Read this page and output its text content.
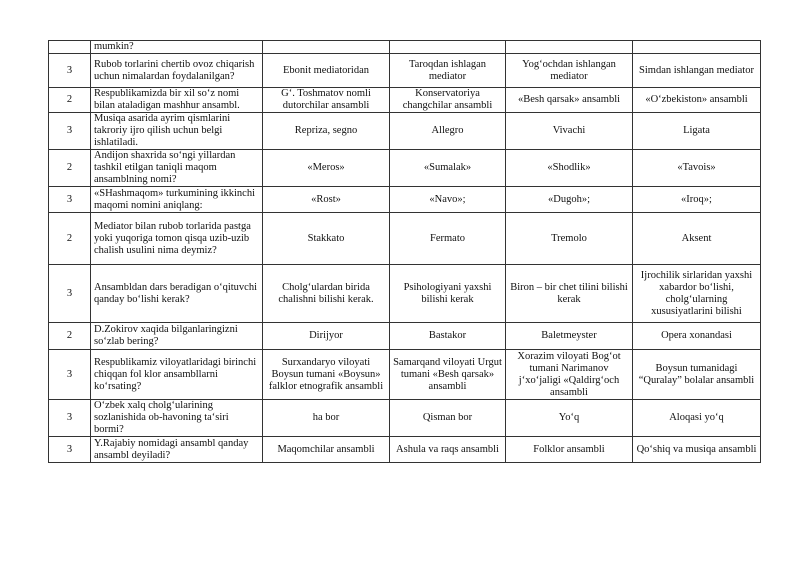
	mumkin?				
3	Rubob torlarini chertib ovoz chiqarish uchun nimalardan foydalanilgan?	Ebonit mediatoridan	Taroqdan ishlagan mediator	Yogʻochdan ishlangan mediator	Simdan ishlangan mediator
2	Respublikamizda bir xil soʻz nomi bilan ataladigan mashhur ansambl.	Gʻ. Toshmatov nomli dutorchilar ansambli	Konservatoriya changchilar ansambli	«Besh qarsak» ansambli	«Oʻzbekiston» ansambli
3	Musiqa asarida ayrim qismlarini takroriy ijro qilish uchun belgi ishlatiladi.	Repriza, segno	Allegro	Vivachi	Ligata
2	Andijon shaxrida soʻngi yillardan tashkil etilgan taniqli maqom ansamblning nomi?	«Meros»	«Sumalak»	«Shodlik»	«Tavois»
3	«SHashmaqom» turkumining ikkinchi maqomi nomini aniqlang:	«Rost»	«Navo»;	«Dugoh»;	«Iroq»;
2	Mediator bilan rubob torlarida pastga yoki yuqoriga tomon qisqa uzib-uzib chalish usulini nima deymiz?	Stakkato	Fermato	Tremolo	Aksent
3	Ansambldan dars beradigan oʻqituvchi qanday boʻlishi kerak?	Cholgʻulardan birida chalishni bilishi kerak.	Psihologiyani yaxshi bilishi kerak	Biron – bir chet tilini bilishi kerak	Ijrochilik sirlaridan yaxshi xabardor boʻlishi, cholgʻularning xususiyatlarini bilishi
2	D.Zokirov xaqida bilganlaringizni soʻzlab bering?	Dirijyor	Bastakor	Baletmeyster	Opera xonandasi
3	Respublikamiz viloyatlaridagi birinchi chiqqan fol klor ansambllarni koʻrsating?	Surxandaryo viloyati Boysun tumani «Boysun» falklor etnografik ansambli	Samarqand viloyati Urgut tumani «Besh qarsak» ansambli	Xorazim viloyati Bogʻot tumani Narimanov jʻxoʻjaligi «Qaldirgʻoch ansambli	Boysun tumanidagi “Quralay” bolalar ansambli
3	Oʻzbek xalq cholgʻularining sozlanishida ob-havoning taʻsiri bormi?	ha bor	Qisman bor	Yoʻq	Aloqasi yoʻq
3	Y.Rajabiy nomidagi ansambl qanday ansambl deyiladi?	Maqomchilar ansambli	Ashula va raqs ansambli	Folklor ansambli	Qoʻshiq va musiqa ansambli
